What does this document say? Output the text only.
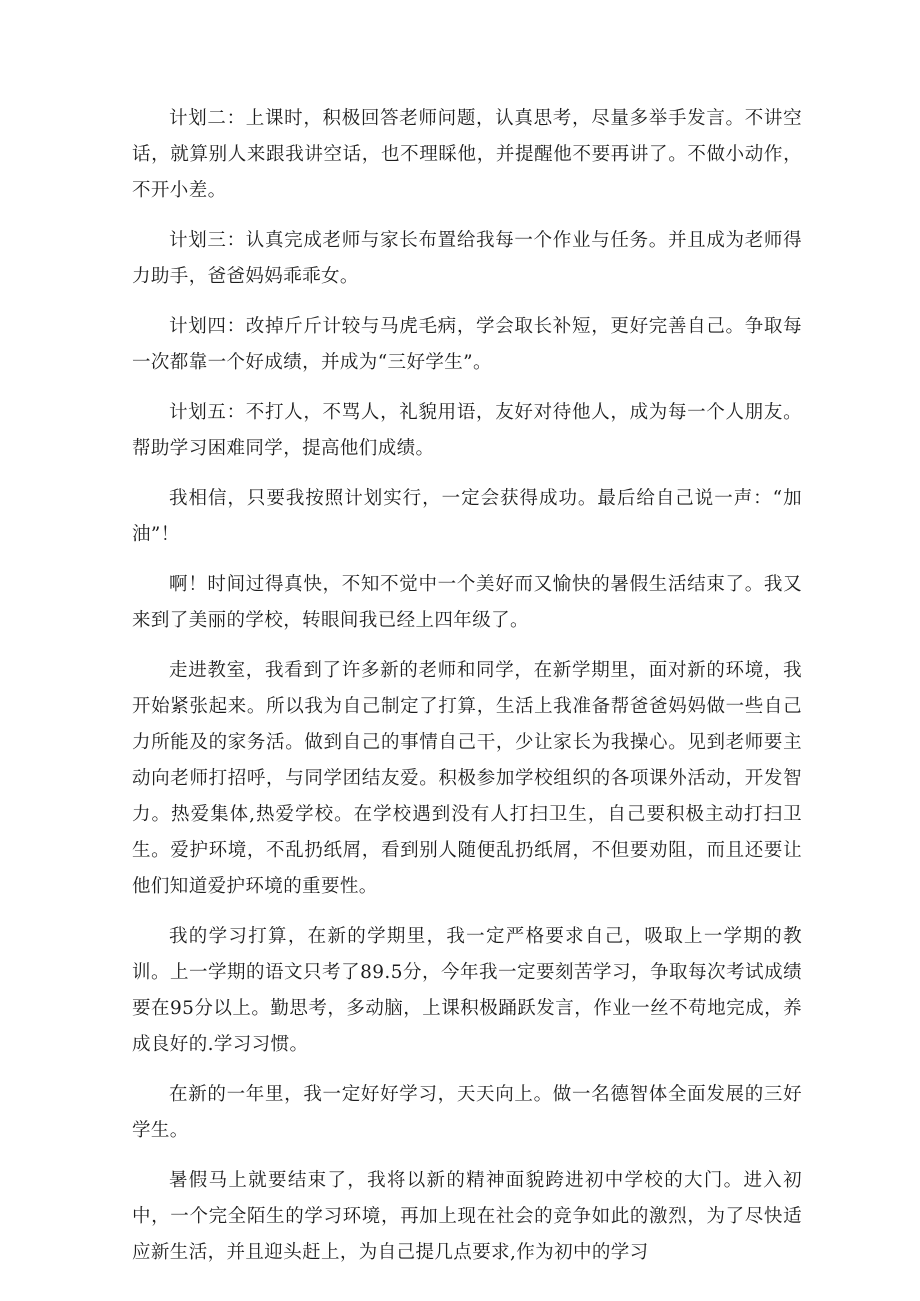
计划二：上课时，积极回答老师问题，认真思考，尽量多举手发言。不讲空话，就算别人来跟我讲空话，也不理睬他，并提醒他不要再讲了。不做小动作，不开小差。

计划三：认真完成老师与家长布置给我每一个作业与任务。并且成为老师得力助手，爸爸妈妈乖乖女。

计划四：改掉斤斤计较与马虎毛病，学会取长补短，更好完善自己。争取每一次都靠一个好成绩，并成为“三好学生”。

计划五：不打人，不骂人，礼貌用语，友好对待他人，成为每一个人朋友。帮助学习困难同学，提高他们成绩。

我相信，只要我按照计划实行，一定会获得成功。最后给自己说一声：“加油”！

啊！时间过得真快，不知不觉中一个美好而又愉快的暑假生活结束了。我又来到了美丽的学校，转眼间我已经上四年级了。

走进教室，我看到了许多新的老师和同学，在新学期里，面对新的环境，我开始紧张起来。所以我为自己制定了打算，生活上我准备帮爸爸妈妈做一些自己力所能及的家务活。做到自己的事情自己干，少让家长为我操心。见到老师要主动向老师打招呼，与同学团结友爱。积极参加学校组织的各项课外活动，开发智力。热爱集体,热爱学校。在学校遇到没有人打扫卫生，自己要积极主动打扫卫生。爱护环境，不乱扔纸屑，看到别人随便乱扔纸屑，不但要劝阻，而且还要让他们知道爱护环境的重要性。

我的学习打算，在新的学期里，我一定严格要求自己，吸取上一学期的教训。上一学期的语文只考了89.5分，今年我一定要刻苦学习，争取每次考试成绩要在95分以上。勤思考，多动脑，上课积极踊跃发言，作业一丝不苟地完成，养成良好的.学习习惯。

在新的一年里，我一定好好学习，天天向上。做一名德智体全面发展的三好学生。

暑假马上就要结束了，我将以新的精神面貌跨进初中学校的大门。进入初中，一个完全陌生的学习环境，再加上现在社会的竞争如此的激烈，为了尽快适应新生活，并且迎头赶上，为自己提几点要求,作为初中的学习
